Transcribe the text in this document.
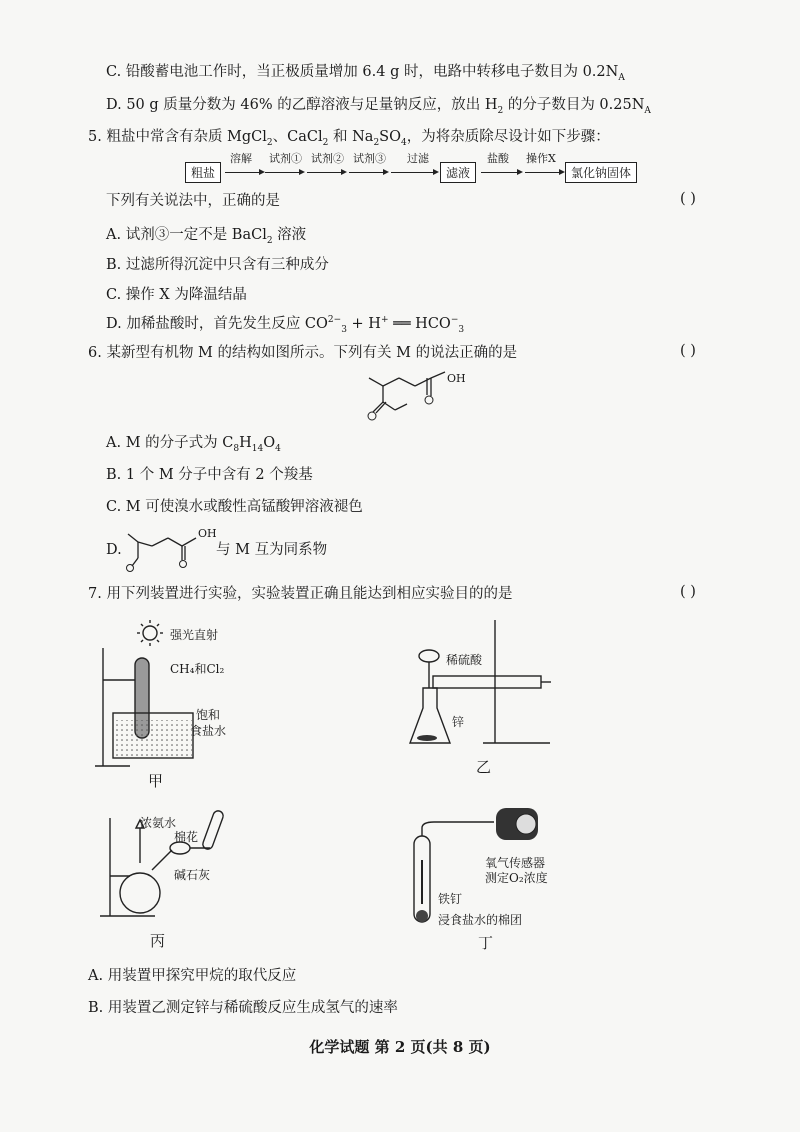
C. 铅酸蓄电池工作时，当正极质量增加 6.4 g 时，电路中转移电子数目为 $0.2N_A$
D. 50 g 质量分数为 46% 的乙醇溶液与足量钠反应，放出 $H_2$ 的分子数目为 $0.25N_A$
5. 粗盐中常含有杂质 MgCl$_2$、CaCl$_2$ 和 $Na_2SO_4$，为将杂质除尽设计如下步骤：
粗盐
溶解 试剂① 试剂② 试剂③ 过滤
滤液
盐酸 操作X
氯化钠固体
下列有关说法中，正确的是	( )
A. 试剂③一定不是 BaCl$_2$ 溶液
B. 过滤所得沉淀中只含有三种成分
C. 操作 X 为降温结晶
D. 加稀盐酸时，首先发生反应 $CO^{2-}_3 + H^+$ ══ $HCO^-_3$
6. 某新型有机物 M 的结构如图所示。下列有关 M 的说法正确的是	( )
OH
A. M 的分子式为 $C_8H_{14}O_4$
B. 1 个 M 分子中含有 2 个羧基
C. M 可使溴水或酸性高锰酸钾溶液褪色
D.
OH
与 M 互为同系物
7. 用下列装置进行实验，实验装置正确且能达到相应实验目的的是	( )
强光直射
CH₄和Cl₂
饱和
食盐水
甲
稀硫酸
锌
乙
浓氨水
棉花
碱石灰
丙
氧气传感器
测定O₂浓度
铁钉
浸食盐水的棉团
丁
A. 用装置甲探究甲烷的取代反应
B. 用装置乙测定锌与稀硫酸反应生成氢气的速率
化学试题 第 2 页(共 8 页)
